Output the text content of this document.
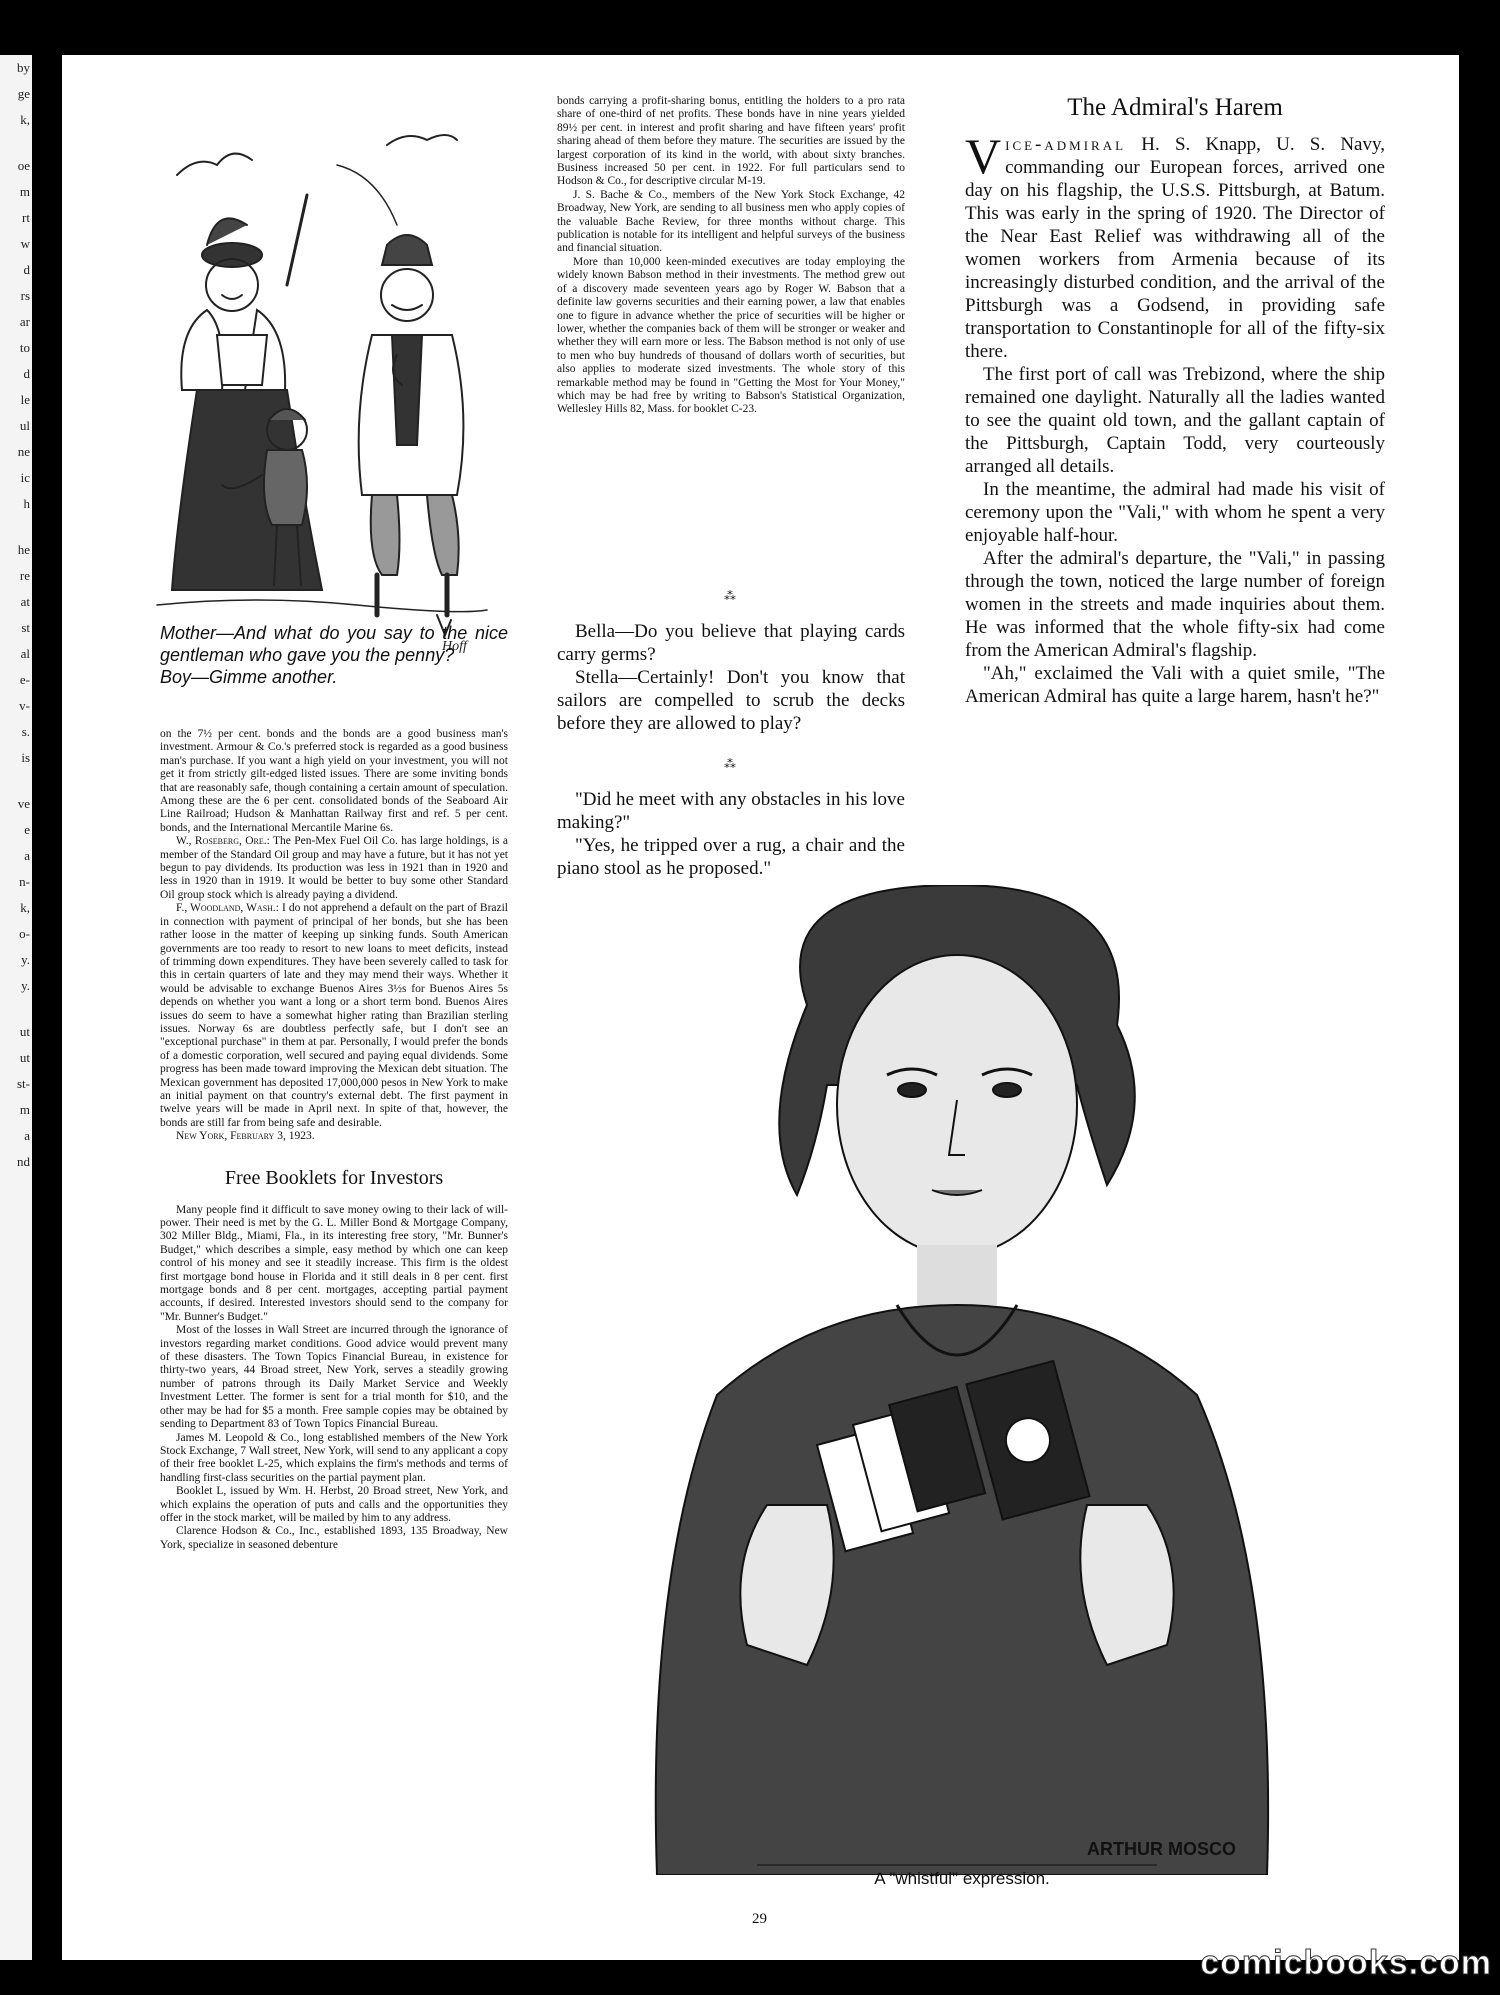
by
ge
k,
oe
m
rt
w
d
rs
ar
to
d
le
ul
ne
ic
h
he
re
at
st
al
e-
v-
s.
is
ve
e
a
n-
k,
o-
y.
y.
ut
ut
st-
m
a
nd
Hoff

Mother—And what do you say to the nice gentleman who gave you the penny?

Boy—Gimme another.

on the 7½ per cent. bonds and the bonds are a good business man's investment. Armour & Co.'s preferred stock is regarded as a good business man's purchase. If you want a high yield on your investment, you will not get it from strictly gilt-edged listed issues. There are some inviting bonds that are reasonably safe, though containing a certain amount of speculation. Among these are the 6 per cent. consolidated bonds of the Seaboard Air Line Railroad; Hudson & Manhattan Railway first and ref. 5 per cent. bonds, and the International Mercantile Marine 6s.

W., Roseberg, Ore.: The Pen-Mex Fuel Oil Co. has large holdings, is a member of the Standard Oil group and may have a future, but it has not yet begun to pay dividends. Its production was less in 1921 than in 1920 and less in 1920 than in 1919. It would be better to buy some other Standard Oil group stock which is already paying a dividend.

F., Woodland, Wash.: I do not apprehend a default on the part of Brazil in connection with payment of principal of her bonds, but she has been rather loose in the matter of keeping up sinking funds. South American governments are too ready to resort to new loans to meet deficits, instead of trimming down expenditures. They have been severely called to task for this in certain quarters of late and they may mend their ways. Whether it would be advisable to exchange Buenos Aires 3½s for Buenos Aires 5s depends on whether you want a long or a short term bond. Buenos Aires issues do seem to have a somewhat higher rating than Brazilian sterling issues. Norway 6s are doubtless perfectly safe, but I don't see an "exceptional purchase" in them at par. Personally, I would prefer the bonds of a domestic corporation, well secured and paying equal dividends. Some progress has been made toward improving the Mexican debt situation. The Mexican government has deposited 17,000,000 pesos in New York to make an initial payment on that country's external debt. The first payment in twelve years will be made in April next. In spite of that, however, the bonds are still far from being safe and desirable.

New York, February 3, 1923.

Free Booklets for Investors

Many people find it difficult to save money owing to their lack of will-power. Their need is met by the G. L. Miller Bond & Mortgage Company, 302 Miller Bldg., Miami, Fla., in its interesting free story, "Mr. Bunner's Budget," which describes a simple, easy method by which one can keep control of his money and see it steadily increase. This firm is the oldest first mortgage bond house in Florida and it still deals in 8 per cent. first mortgage bonds and 8 per cent. mortgages, accepting partial payment accounts, if desired. Interested investors should send to the company for "Mr. Bunner's Budget."

Most of the losses in Wall Street are incurred through the ignorance of investors regarding market conditions. Good advice would prevent many of these disasters. The Town Topics Financial Bureau, in existence for thirty-two years, 44 Broad street, New York, serves a steadily growing number of patrons through its Daily Market Service and Weekly Investment Letter. The former is sent for a trial month for $10, and the other may be had for $5 a month. Free sample copies may be obtained by sending to Department 83 of Town Topics Financial Bureau.

James M. Leopold & Co., long established members of the New York Stock Exchange, 7 Wall street, New York, will send to any applicant a copy of their free booklet L-25, which explains the firm's methods and terms of handling first-class securities on the partial payment plan.

Booklet L, issued by Wm. H. Herbst, 20 Broad street, New York, and which explains the operation of puts and calls and the opportunities they offer in the stock market, will be mailed by him to any address.

Clarence Hodson & Co., Inc., established 1893, 135 Broadway, New York, specialize in seasoned debenture

bonds carrying a profit-sharing bonus, entitling the holders to a pro rata share of one-third of net profits. These bonds have in nine years yielded 89½ per cent. in interest and profit sharing and have fifteen years' profit sharing ahead of them before they mature. The securities are issued by the largest corporation of its kind in the world, with about sixty branches. Business increased 50 per cent. in 1922. For full particulars send to Hodson & Co., for descriptive circular M-19.

J. S. Bache & Co., members of the New York Stock Exchange, 42 Broadway, New York, are sending to all business men who apply copies of the valuable Bache Review, for three months without charge. This publication is notable for its intelligent and helpful surveys of the business and financial situation.

More than 10,000 keen-minded executives are today employing the widely known Babson method in their investments. The method grew out of a discovery made seventeen years ago by Roger W. Babson that a definite law governs securities and their earning power, a law that enables one to figure in advance whether the price of securities will be higher or lower, whether the companies back of them will be stronger or weaker and whether they will earn more or less. The Babson method is not only of use to men who buy hundreds of thousand of dollars worth of securities, but also applies to moderate sized investments. The whole story of this remarkable method may be found in "Getting the Most for Your Money," which may be had free by writing to Babson's Statistical Organization, Wellesley Hills 82, Mass. for booklet C-23.

⁂

Bella—Do you believe that playing cards carry germs?

Stella—Certainly! Don't you know that sailors are compelled to scrub the decks before they are allowed to play?

⁂

"Did he meet with any obstacles in his love making?"

"Yes, he tripped over a rug, a chair and the piano stool as he proposed."

The Admiral's Harem

Vice-admiral H. S. Knapp, U. S. Navy, commanding our European forces, arrived one day on his flagship, the U.S.S. Pittsburgh, at Batum. This was early in the spring of 1920. The Director of the Near East Relief was withdrawing all of the women workers from Armenia because of its increasingly disturbed condition, and the arrival of the Pittsburgh was a Godsend, in providing safe transportation to Constantinople for all of the fifty-six there.

The first port of call was Trebizond, where the ship remained one daylight. Naturally all the ladies wanted to see the quaint old town, and the gallant captain of the Pittsburgh, Captain Todd, very courteously arranged all details.

In the meantime, the admiral had made his visit of ceremony upon the "Vali," with whom he spent a very enjoyable half-hour.

After the admiral's departure, the "Vali," in passing through the town, noticed the large number of foreign women in the streets and made inquiries about them. He was informed that the whole fifty-six had come from the American Admiral's flagship.

"Ah," exclaimed the Vali with a quiet smile, "The American Admiral has quite a large harem, hasn't he?"

ARTHUR MOSCO
A "whistful" expression.
29
comicbooks.com
